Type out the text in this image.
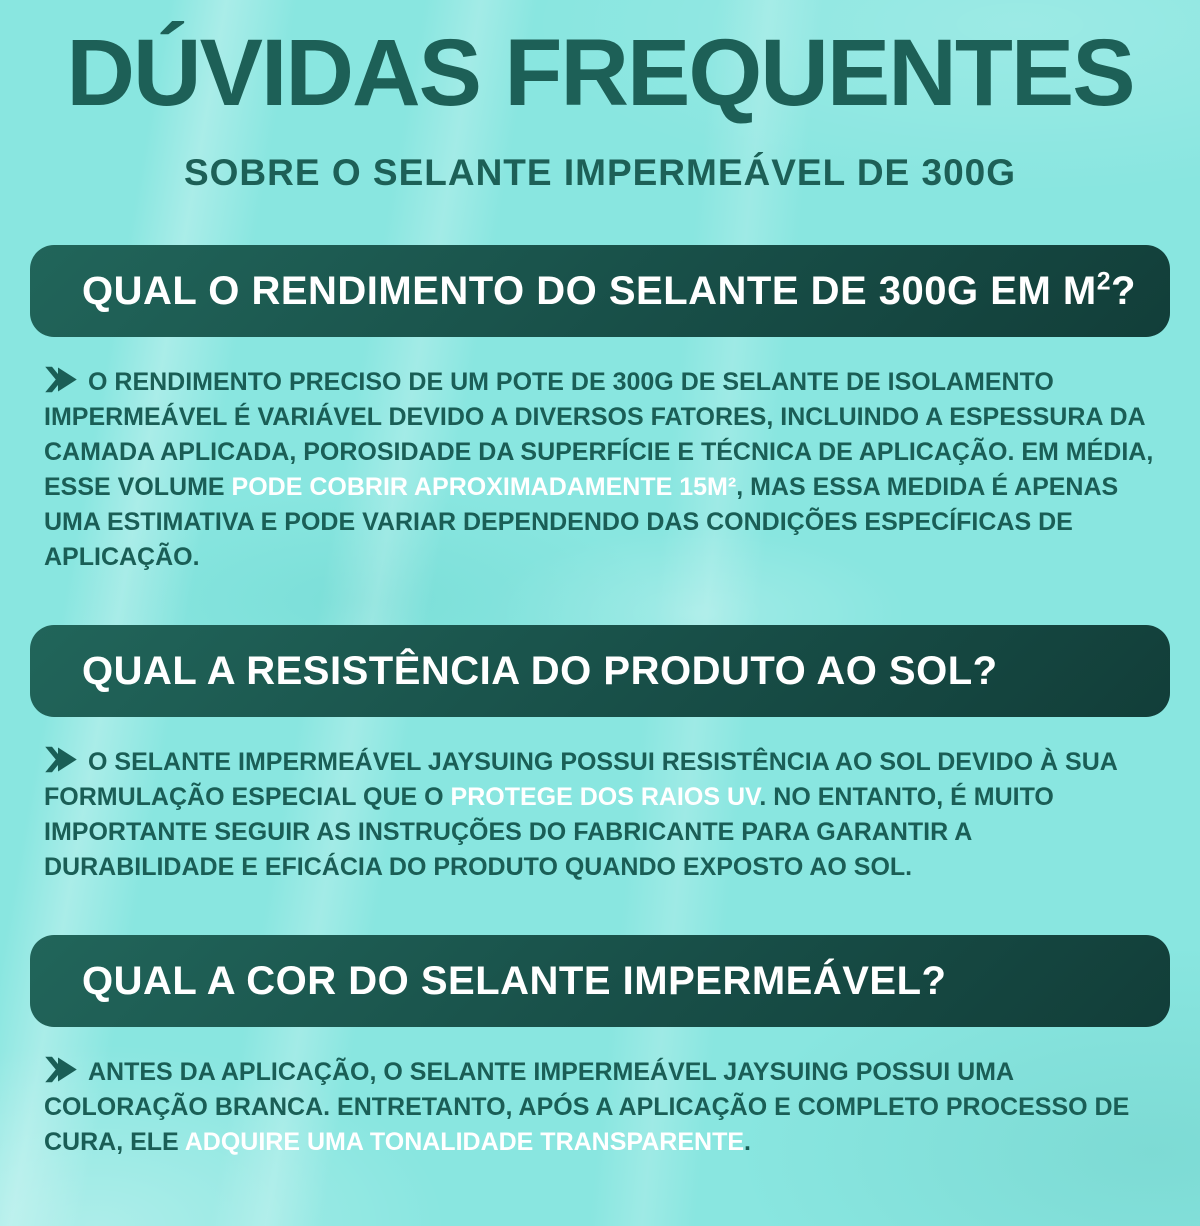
DÚVIDAS FREQUENTES
SOBRE O SELANTE IMPERMEÁVEL DE 300G
QUAL O RENDIMENTO DO SELANTE DE 300G EM $M^2$?

O RENDIMENTO PRECISO DE UM POTE DE 300G DE SELANTE DE ISOLAMENTO IMPERMEÁVEL É VARIÁVEL DEVIDO A DIVERSOS FATORES, INCLUINDO A ESPESSURA DA CAMADA APLICADA, POROSIDADE DA SUPERFÍCIE E TÉCNICA DE APLICAÇÃO. EM MÉDIA, ESSE VOLUME PODE COBRIR APROXIMADAMENTE 15M², MAS ESSA MEDIDA É APENAS UMA ESTIMATIVA E PODE VARIAR DEPENDENDO DAS CONDIÇÕES ESPECÍFICAS DE APLICAÇÃO.

QUAL A RESISTÊNCIA DO PRODUTO AO SOL?

O SELANTE IMPERMEÁVEL JAYSUING POSSUI RESISTÊNCIA AO SOL DEVIDO À SUA FORMULAÇÃO ESPECIAL QUE O PROTEGE DOS RAIOS UV. NO ENTANTO, É MUITO IMPORTANTE SEGUIR AS INSTRUÇÕES DO FABRICANTE PARA GARANTIR A DURABILIDADE E EFICÁCIA DO PRODUTO QUANDO EXPOSTO AO SOL.

QUAL A COR DO SELANTE IMPERMEÁVEL?

ANTES DA APLICAÇÃO, O SELANTE IMPERMEÁVEL JAYSUING POSSUI UMA COLORAÇÃO BRANCA. ENTRETANTO, APÓS A APLICAÇÃO E COMPLETO PROCESSO DE CURA, ELE ADQUIRE UMA TONALIDADE TRANSPARENTE.
